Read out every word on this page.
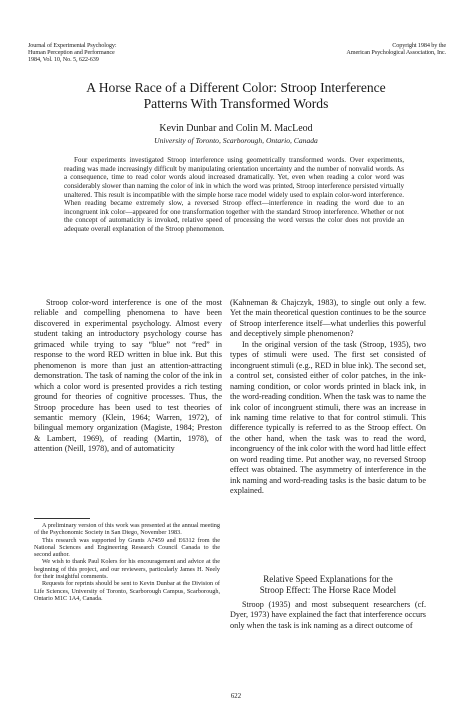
Journal of Experimental Psychology:
Human Perception and Performance
1984, Vol. 10, No. 5, 622-639
Copyright 1984 by the
American Psychological Association, Inc.
A Horse Race of a Different Color: Stroop Interference
Patterns With Transformed Words
Kevin Dunbar and Colin M. MacLeod
University of Toronto, Scarborough, Ontario, Canada

Four experiments investigated Stroop interference using geometrically transformed words. Over experiments, reading was made increasingly difficult by manipulating orientation uncertainty and the number of nonvalid words. As a consequence, time to read color words aloud increased dramatically. Yet, even when reading a color word was considerably slower than naming the color of ink in which the word was printed, Stroop interference persisted virtually unaltered. This result is incompatible with the simple horse race model widely used to explain color-word interference. When reading became extremely slow, a reversed Stroop effect—interference in reading the word due to an incongruent ink color—appeared for one transformation together with the standard Stroop interference. Whether or not the concept of automaticity is invoked, relative speed of processing the word versus the color does not provide an adequate overall explanation of the Stroop phenomenon.

Stroop color-word interference is one of the most reliable and compelling phenomena to have been discovered in experimental psychology. Almost every student taking an introductory psychology course has grimaced while trying to say “blue” not “red” in response to the word RED written in blue ink. But this phenomenon is more than just an attention-attracting demonstration. The task of naming the color of the ink in which a color word is presented provides a rich testing ground for theories of cognitive processes. Thus, the Stroop procedure has been used to test theories of semantic memory (Klein, 1964; Warren, 1972), of bilingual memory organization (Magiste, 1984; Preston & Lambert, 1969), of reading (Martin, 1978), of attention (Neill, 1978), and of automaticity

A preliminary version of this work was presented at the annual meeting of the Psychonomic Society in San Diego, November 1983.

This research was supported by Grants A7459 and E6312 from the National Sciences and Engineering Research Council Canada to the second author.

We wish to thank Paul Kolers for his encouragement and advice at the beginning of this project, and our reviewers, particularly James H. Neely for their insightful comments.

Requests for reprints should be sent to Kevin Dunbar at the Division of Life Sciences, University of Toronto, Scarborough Campus, Scarborough, Ontario M1C 1A4, Canada.

(Kahneman & Chajczyk, 1983), to single out only a few. Yet the main theoretical question continues to be the source of Stroop interference itself—what underlies this powerful and deceptively simple phenomenon?

In the original version of the task (Stroop, 1935), two types of stimuli were used. The first set consisted of incongruent stimuli (e.g., RED in blue ink). The second set, a control set, consisted either of color patches, in the ink-naming condition, or color words printed in black ink, in the word-reading condition. When the task was to name the ink color of incongruent stimuli, there was an increase in ink naming time relative to that for control stimuli. This difference typically is referred to as the Stroop effect. On the other hand, when the task was to read the word, incongruency of the ink color with the word had little effect on word reading time. Put another way, no reversed Stroop effect was obtained. The asymmetry of interference in the ink naming and word-reading tasks is the basic datum to be explained.

Relative Speed Explanations for the
Stroop Effect: The Horse Race Model

Stroop (1935) and most subsequent researchers (cf. Dyer, 1973) have explained the fact that interference occurs only when the task is ink naming as a direct outcome of

622
